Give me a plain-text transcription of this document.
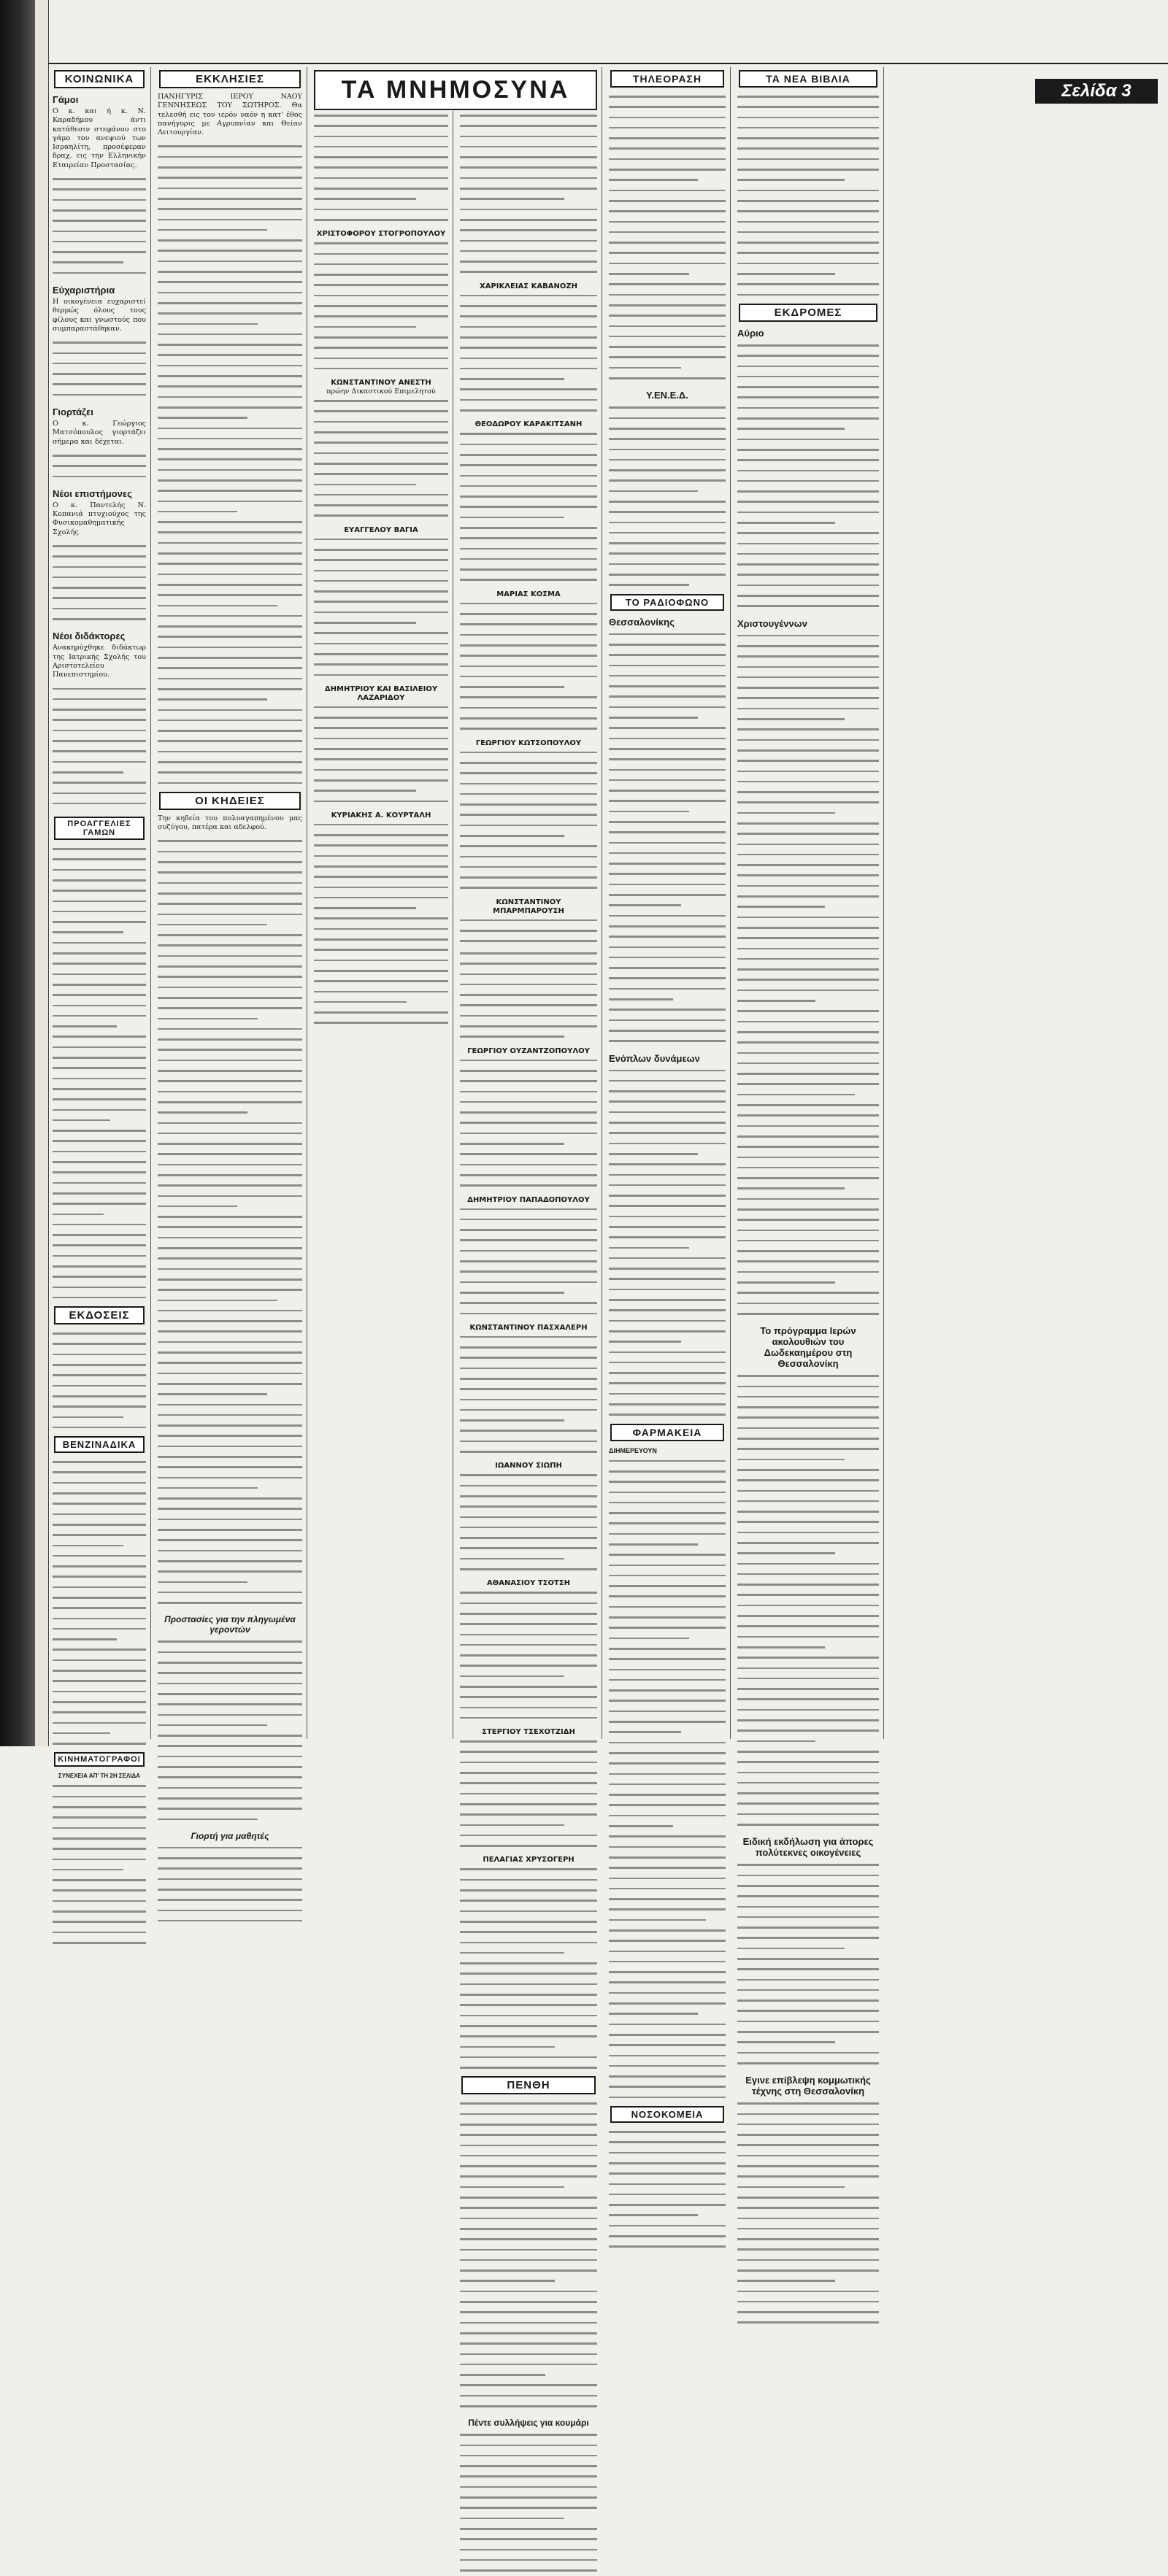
Σελίδα 3
ΚΟΙΝΩΝΙΚΑ
Γάμοι

Ο κ. και ή κ. Ν. Καραδήμου άντι κατάθεσιν στεφάνου στο γάμο του ανεψιού των Ισραηλίτη, προσέφεραν δραχ. εις την Ελληνικήν Εταιρείαν Προστασίας.

Εύχαριστήρια

Η οικογένεια ευχαριστεί θερμώς όλους τους φίλους και γνωστούς που συμπαραστάθηκαν.

Γιορτάζει

Ο κ. Γεώργιος Ματσόπουλος γιορτάζει σήμερα και δέχεται.

Νέοι επιστήμονες

Ο κ. Παντελής Ν. Κοπανιά πτυχιούχος της Φυσικομαθηματικής Σχολής.

Νέοι διδάκτορες

Ανακηρύχθηκε διδάκτωρ της Ιατρικής Σχολής του Αριστοτελείου Πανεπιστημίου.

ΠΡΟΑΓΓΕΛΙΕΣ ΓΑΜΩΝ
ΕΚΔΟΣΕΙΣ
ΒΕΝΖΙΝΑΔΙΚΑ
ΚΙΝΗΜΑΤΟΓΡΑΦΟΙ
ΣΥΝΕΧΕΙΑ ΑΠ' ΤΗ 2Η ΣΕΛΙΔΑ
ΕΚΚΛΗΣΙΕΣ

ΠΑΝΗΓΥΡΙΣ ΙΕΡΟΥ ΝΑΟΥ ΓΕΝΝΗΣΕΩΣ ΤΟΥ ΣΩΤΗΡΟΣ. Θα τελεσθή εις τον ιερόν ναόν η κατ' έθος πανήγυρις με Αγρυπνίαν και Θείαν Λειτουργίαν.

ΟΙ ΚΗΔΕΙΕΣ

Την κηδεία του πολυαγαπημένου μας συζύγου, πατέρα και αδελφού.

Προστασίες για την πληγωμένα γεροντών
Γιορτή για μαθητές
ΤΑ ΜΝΗΜΟΣΥΝΑ
ΧΡΙΣΤΟΦΟΡΟΥ ΣΤΟΓΡΟΠΟΥΛΟΥ
ΚΩΝΣΤΑΝΤΙΝΟΥ ΑΝΕΣΤΗ
πρώην Δικαστικού Επιμελητού
ΕΥΑΓΓΕΛΟΥ ΒΑΓΙΑ
ΔΗΜΗΤΡΙΟΥ ΚΑΙ ΒΑΣΙΛΕΙΟΥ ΛΑΖΑΡΙΔΟΥ
ΚΥΡΙΑΚΗΣ Α. ΚΟΥΡΤΑΛΗ
ΧΑΡΙΚΛΕΙΑΣ ΚΑΒΑΝΟΖΗ
ΘΕΟΔΩΡΟΥ ΚΑΡΑΚΙΤΣΑΝΗ
ΜΑΡΙΑΣ ΚΟΣΜΑ
ΓΕΩΡΓΙΟΥ ΚΩΤΣΟΠΟΥΛΟΥ
ΚΩΝΣΤΑΝΤΙΝΟΥ ΜΠΑΡΜΠΑΡΟΥΣΗ
ΤΗΛΕΟΡΑΣΗ
Υ.ΕΝ.Ε.Δ.
ΤΟ ΡΑΔΙΟΦΩΝΟ
Θεσσαλονίκης
Ενόπλων δυνάμεων
ΦΑΡΜΑΚΕΙΑ
ΔΙΗΜΕΡΕΥΟΥΝ
ΝΟΣΟΚΟΜΕΙΑ
ΓΕΩΡΓΙΟΥ ΟΥΖΑΝΤΖΟΠΟΥΛΟΥ
ΔΗΜΗΤΡΙΟΥ ΠΑΠΑΔΟΠΟΥΛΟΥ
ΚΩΝΣΤΑΝΤΙΝΟΥ ΠΑΣΧΑΛΕΡΗ
ΙΩΑΝΝΟΥ ΣΙΩΠΗ
ΑΘΑΝΑΣΙΟΥ ΤΣΟΤΣΗ
ΣΤΕΡΓΙΟΥ ΤΣΕΧΟΤΖΙΔΗ
ΠΕΛΑΓΙΑΣ ΧΡΥΣΟΓΕΡΗ
ΠΕΝΘΗ
Πέντε συλλήψεις για κουμάρι
ΤΑ ΝΕΑ ΒΙΒΛΙΑ
ΕΚΔΡΟΜΕΣ
Αύριο
Χριστουγέννων
Το πρόγραμμα Ιερών ακολουθιών του Δωδεκαημέρου στη Θεσσαλονίκη
Ειδική εκδήλωση για άπορες πολύτεκνες οικογένειες
Εγινε επίβλεψη κομμωτικής τέχνης στη Θεσσαλονίκη
